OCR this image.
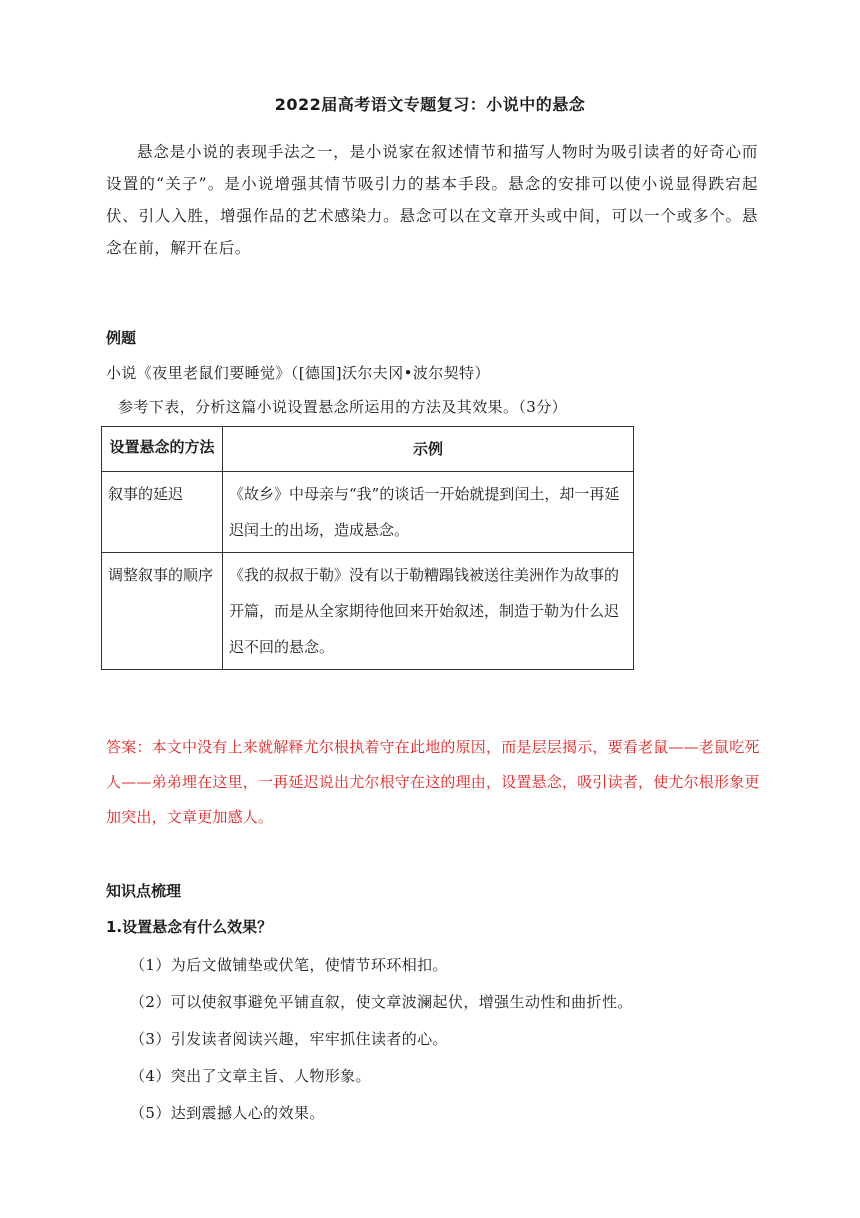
2022届高考语文专题复习：小说中的悬念
悬念是小说的表现手法之一，是小说家在叙述情节和描写人物时为吸引读者的好奇心而设置的“关子”。是小说增强其情节吸引力的基本手段。悬念的安排可以使小说显得跌宕起伏、引人入胜，增强作品的艺术感染力。悬念可以在文章开头或中间，可以一个或多个。悬念在前，解开在后。
例题
小说《夜里老鼠们要睡觉》（[德国]沃尔夫冈•波尔契特）
参考下表，分析这篇小说设置悬念所运用的方法及其效果。（3分）
设置悬念的方法	示例
叙事的延迟	《故乡》中母亲与“我”的谈话一开始就提到闰土，却一再延迟闰土的出场，造成悬念。
调整叙事的顺序	《我的叔叔于勒》没有以于勒糟蹋钱被送往美洲作为故事的开篇，而是从全家期待他回来开始叙述，制造于勒为什么迟迟不回的悬念。
答案：本文中没有上来就解释尤尔根执着守在此地的原因，而是层层揭示，要看老鼠——老鼠吃死人——弟弟埋在这里，一再延迟说出尤尔根守在这的理由，设置悬念，吸引读者，使尤尔根形象更加突出，文章更加感人。
知识点梳理
1.设置悬念有什么效果？
（1）为后文做铺垫或伏笔，使情节环环相扣。
（2）可以使叙事避免平铺直叙，使文章波澜起伏，增强生动性和曲折性。
（3）引发读者阅读兴趣，牢牢抓住读者的心。
（4）突出了文章主旨、人物形象。
（5）达到震撼人心的效果。
